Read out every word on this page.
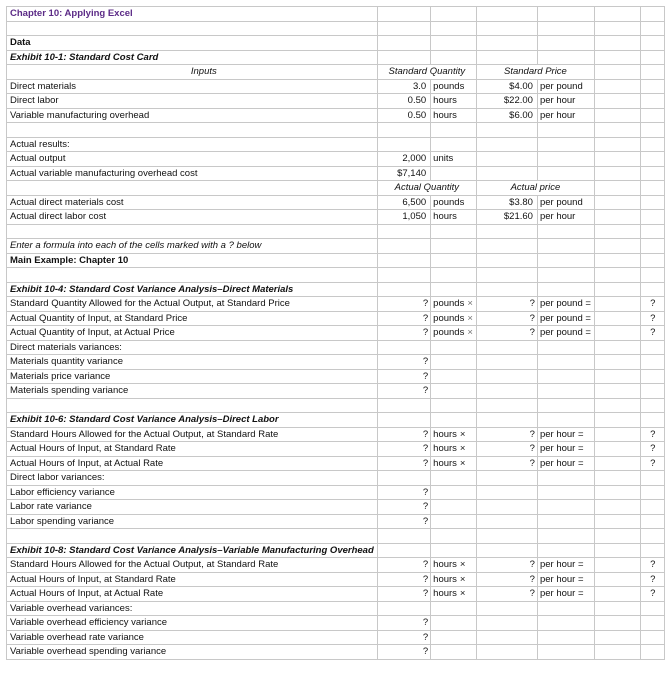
Chapter 10: Applying Excel						

Data						
Exhibit 10-1: Standard Cost Card						
Inputs	Standard Quantity		Standard Price			
Direct materials	3.0	pounds	$4.00	per pound		
Direct labor	0.50	hours	$22.00	per hour		
Variable manufacturing overhead	0.50	hours	$6.00	per hour		

Actual results:						
Actual output	2,000	units				
Actual variable manufacturing overhead cost	$7,140					
	Actual Quantity		Actual price			
Actual direct materials cost	6,500	pounds	$3.80	per pound		
Actual direct labor cost	1,050	hours	$21.60	per hour		

Enter a formula into each of the cells marked with a ? below						
Main Example: Chapter 10						

Exhibit 10-4: Standard Cost Variance Analysis–Direct Materials						
Standard Quantity Allowed for the Actual Output, at Standard Price	?	pounds ×	?	per pound =		?
Actual Quantity of Input, at Standard Price	?	pounds ×	?	per pound =		?
Actual Quantity of Input, at Actual Price	?	pounds ×	?	per pound =		?
Direct materials variances:						
Materials quantity variance	?					
Materials price variance	?					
Materials spending variance	?					

Exhibit 10-6: Standard Cost Variance Analysis–Direct Labor						
Standard Hours Allowed for the Actual Output, at Standard Rate	?	hours ×	?	per hour =		?
Actual Hours of Input, at Standard Rate	?	hours ×	?	per hour =		?
Actual Hours of Input, at Actual Rate	?	hours ×	?	per hour =		?
Direct labor variances:						
Labor efficiency variance	?					
Labor rate variance	?					
Labor spending variance	?					

Exhibit 10-8: Standard Cost Variance Analysis–Variable Manufacturing Overhead						
Standard Hours Allowed for the Actual Output, at Standard Rate	?	hours ×	?	per hour =		?
Actual Hours of Input, at Standard Rate	?	hours ×	?	per hour =		?
Actual Hours of Input, at Actual Rate	?	hours ×	?	per hour =		?
Variable overhead variances:						
Variable overhead efficiency variance	?					
Variable overhead rate variance	?					
Variable overhead spending variance	?					
